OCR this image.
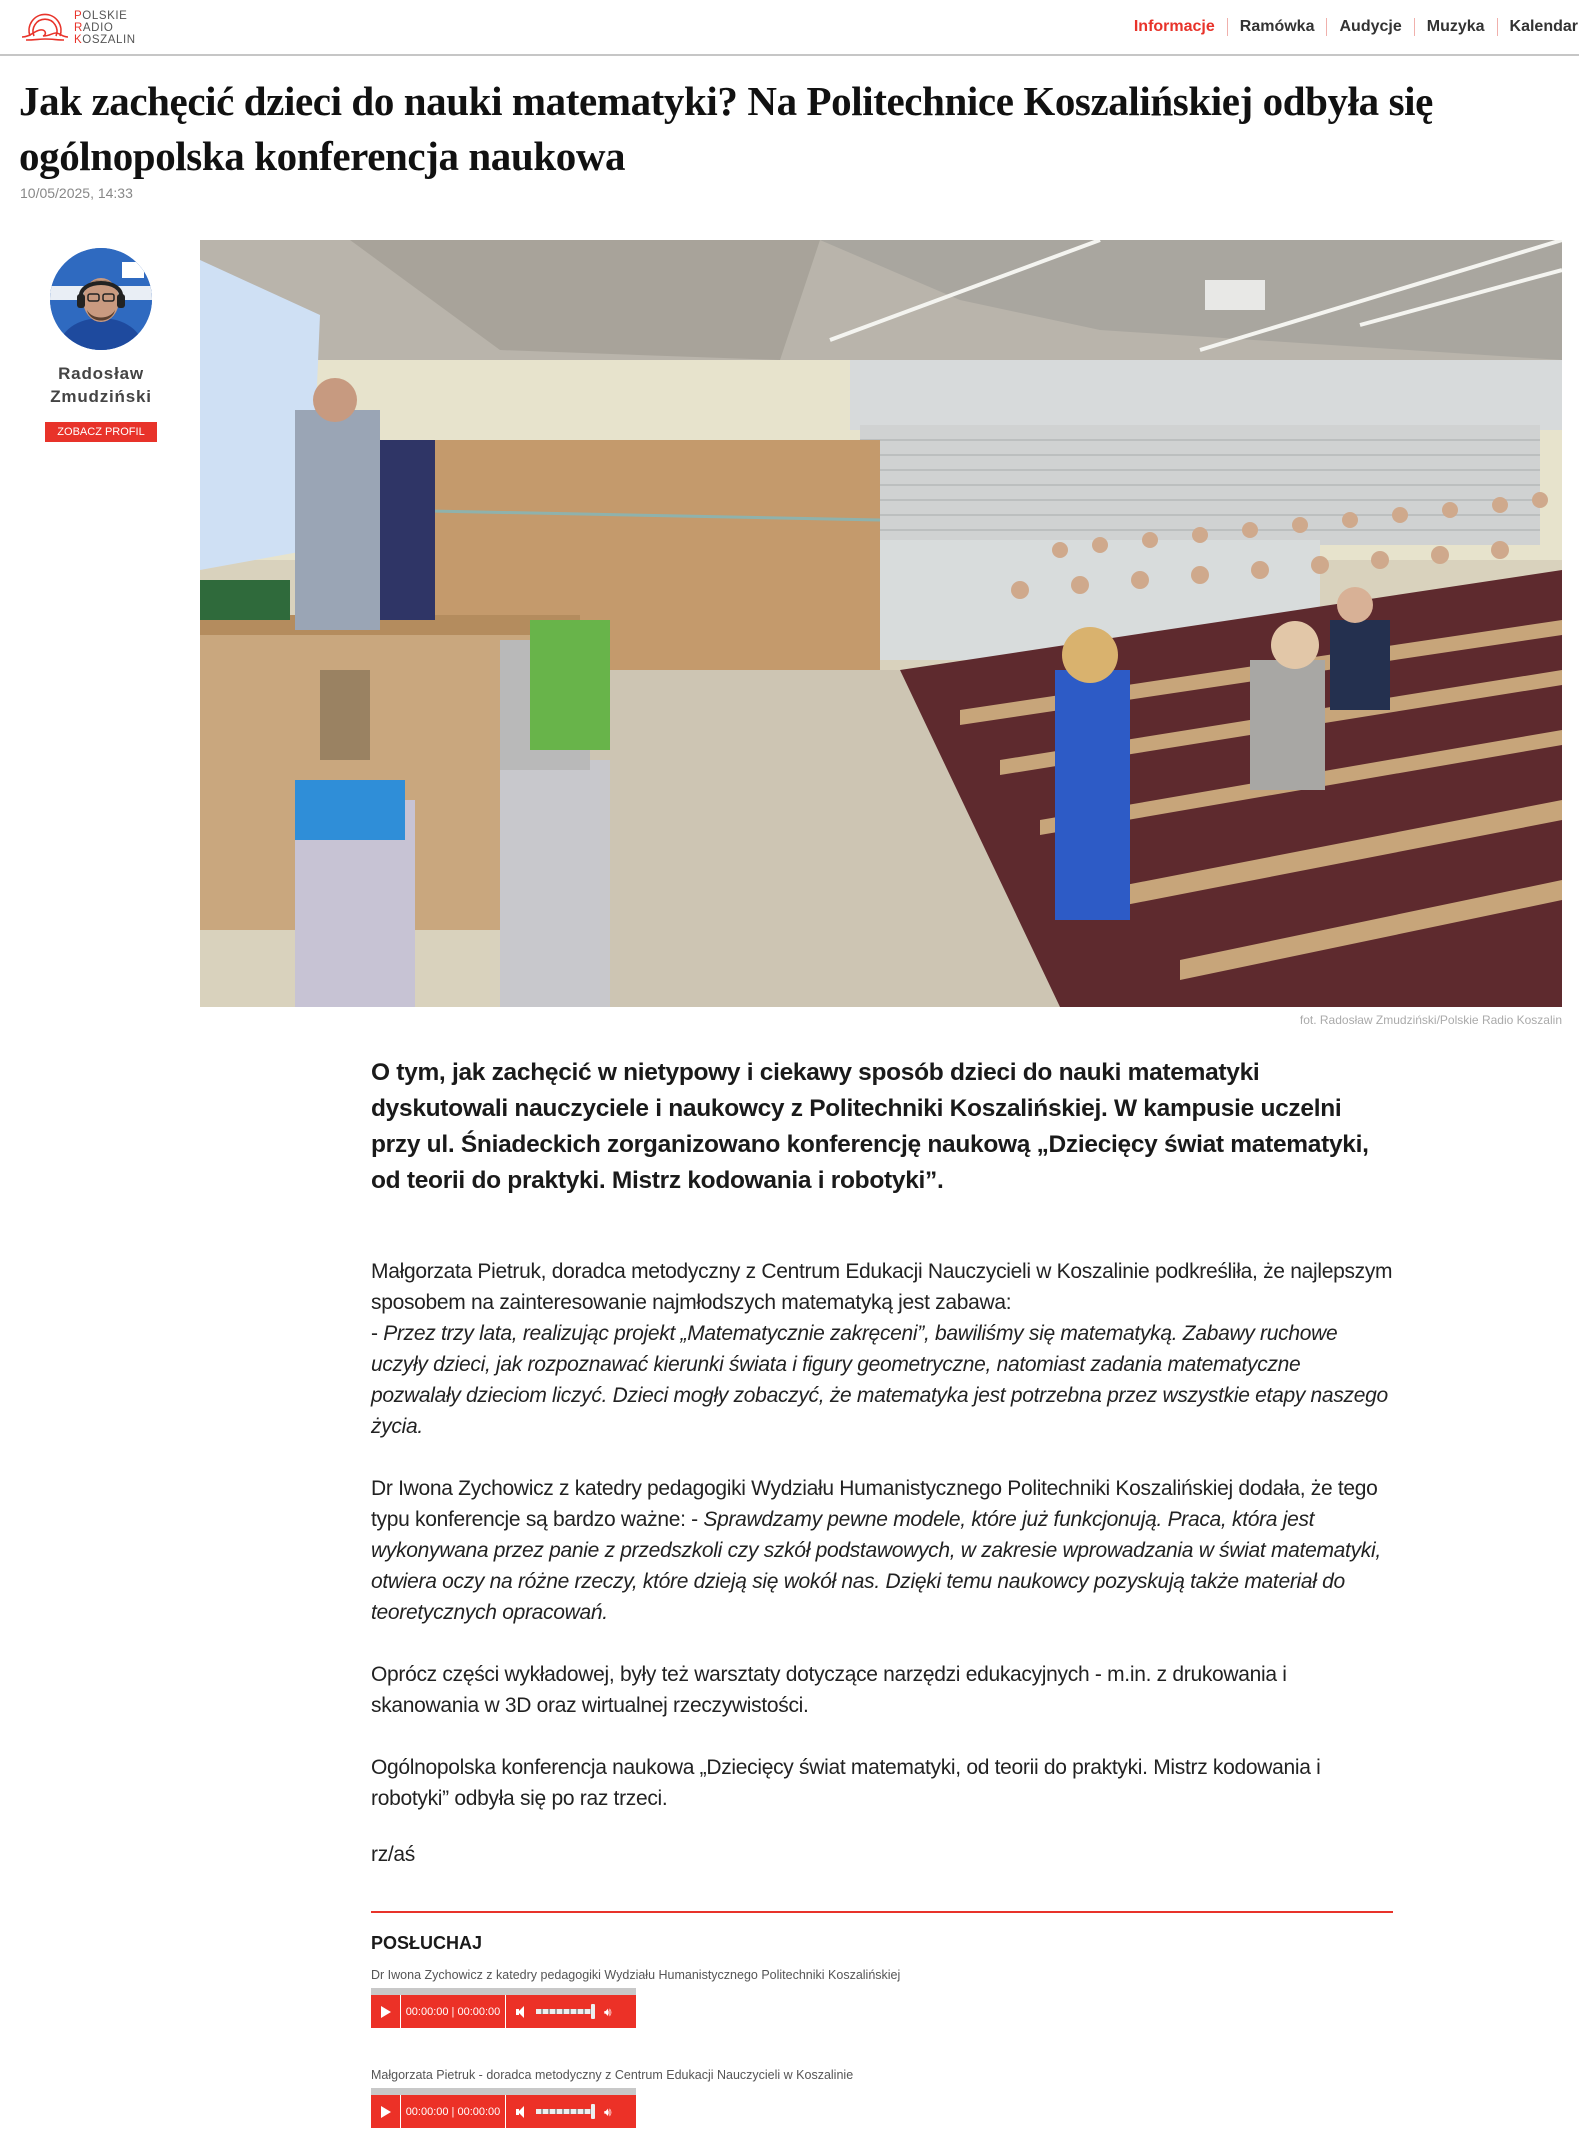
POLSKIE
RADIO
KOSZALIN
Informacje	Ramówka	Audycje	Muzyka	Kalendar
Jak zachęcić dzieci do nauki matematyki? Na Politechnice Koszalińskiej odbyła się ogólnopolska konferencja naukowa
10/05/2025, 14:33
Radosław
Zmudziński
ZOBACZ PROFIL
fot. Radosław Zmudziński/Polskie Radio Koszalin

O tym, jak zachęcić w nietypowy i ciekawy sposób dzieci do nauki matematyki dyskutowali nauczyciele i naukowcy z Politechniki Koszalińskiej. W kampusie uczelni przy ul. Śniadeckich zorganizowano konferencję naukową „Dziecięcy świat matematyki, od teorii do praktyki. Mistrz kodowania i robotyki”.

Małgorzata Pietruk, doradca metodyczny z Centrum Edukacji Nauczycieli w Koszalinie podkreśliła, że najlepszym sposobem na zainteresowanie najmłodszych matematyką jest zabawa:
- Przez trzy lata, realizując projekt „Matematycznie zakręceni”, bawiliśmy się matematyką. Zabawy ruchowe uczyły dzieci, jak rozpoznawać kierunki świata i figury geometryczne, natomiast zadania matematyczne pozwalały dzieciom liczyć. Dzieci mogły zobaczyć, że matematyka jest potrzebna przez wszystkie etapy naszego życia.

Dr Iwona Zychowicz z katedry pedagogiki Wydziału Humanistycznego Politechniki Koszalińskiej dodała, że tego typu konferencje są bardzo ważne: - Sprawdzamy pewne modele, które już funkcjonują. Praca, która jest wykonywana przez panie z przedszkoli czy szkół podstawowych, w zakresie wprowadzania w świat matematyki, otwiera oczy na różne rzeczy, które dzieją się wokół nas. Dzięki temu naukowcy pozyskują także materiał do teoretycznych opracowań.

Oprócz części wykładowej, były też warsztaty dotyczące narzędzi edukacyjnych - m.in. z drukowania i skanowania w 3D oraz wirtualnej rzeczywistości.

Ogólnopolska konferencja naukowa „Dziecięcy świat matematyki, od teorii do praktyki. Mistrz kodowania i robotyki” odbyła się po raz trzeci.

rz/aś

POSŁUCHAJ
Dr Iwona Zychowicz z katedry pedagogiki Wydziału Humanistycznego Politechniki Koszalińskiej
00:00:00 | 00:00:00	🔊︎
Małgorzata Pietruk - doradca metodyczny z Centrum Edukacji Nauczycieli w Koszalinie
00:00:00 | 00:00:00	🔊︎
